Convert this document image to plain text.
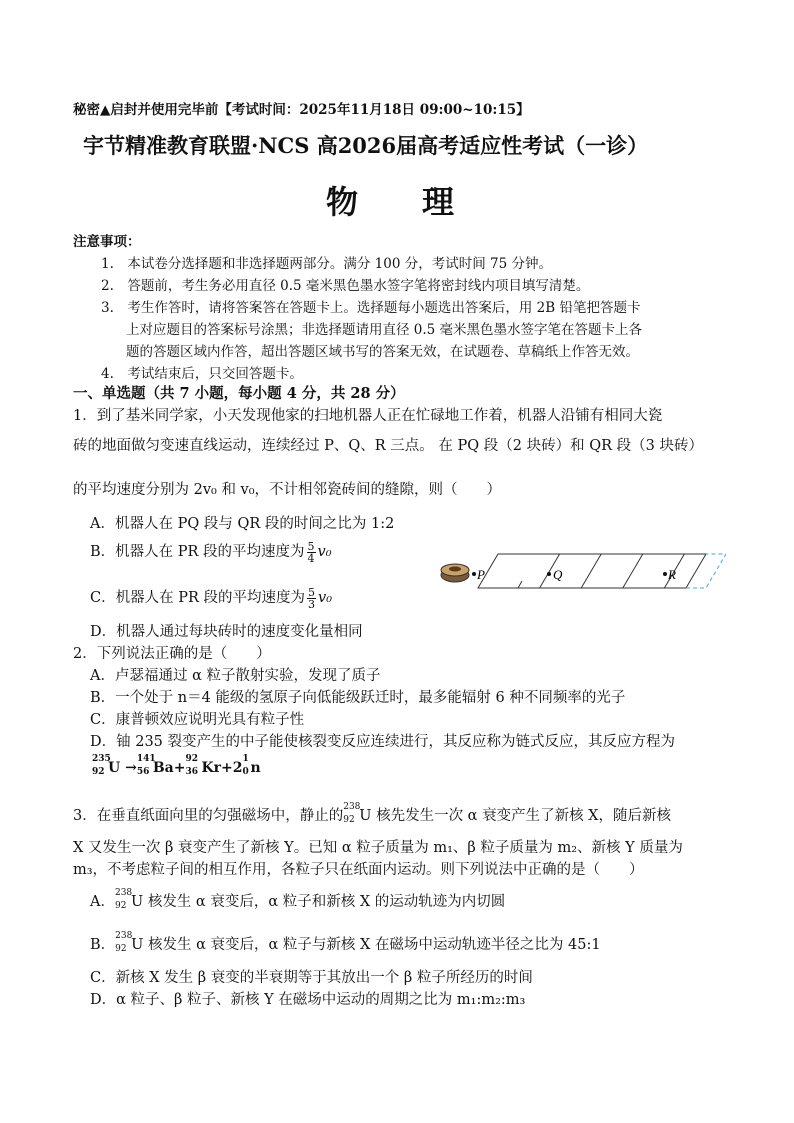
秘密▲启封并使用完毕前【考试时间：2025年11月18日 09:00~10:15】
宇节精准教育联盟·NCS 高2026届高考适应性考试（一诊）
物　　理
注意事项：
1.　本试卷分选择题和非选择题两部分。满分 100 分，考试时间 75 分钟。
2.　答题前，考生务必用直径 0.5 毫米黑色墨水签字笔将密封线内项目填写清楚。
3.　考生作答时，请将答案答在答题卡上。选择题每小题选出答案后，用 2B 铅笔把答题卡
上对应题目的答案标号涂黑；非选择题请用直径 0.5 毫米黑色墨水签字笔在答题卡上各
题的答题区域内作答，超出答题区域书写的答案无效，在试题卷、草稿纸上作答无效。
4.　考试结束后，只交回答题卡。
一、单选题（共 7 小题，每小题 4 分，共 28 分）
1．到了基米同学家，小天发现他家的扫地机器人正在忙碌地工作着，机器人沿铺有相同大瓷
砖的地面做匀变速直线运动，连续经过 P、Q、R 三点。 在 PQ 段（2 块砖）和 QR 段（3 块砖）
的平均速度分别为 2v₀ 和 v₀，不计相邻瓷砖间的缝隙，则（　　）
A．机器人在 PQ 段与 QR 段的时间之比为 1:2
B．机器人在 PR 段的平均速度为 $\frac{5}{4} v_0$
C．机器人在 PR 段的平均速度为 $\frac{5}{3} v_0$
D．机器人通过每块砖时的速度变化量相同
P	Q	R
2．下列说法正确的是（　　）
A．卢瑟福通过 α 粒子散射实验，发现了质子
B．一个处于 n＝4 能级的氢原子向低能级跃迁时，最多能辐射 6 种不同频率的光子
C．康普顿效应说明光具有粒子性
D．铀 235 裂变产生的中子能使核裂变反应连续进行，其反应称为链式反应，其反应方程为
235
92 U →
141
56 Ba+
92
36 Kr+2
1
0 n
3．在垂直纸面向里的匀强磁场中，静止的
238
92 U 核先发生一次 α 衰变产生了新核 X，随后新核
X 又发生一次 β 衰变产生了新核 Y。已知 α 粒子质量为 m₁、β 粒子质量为 m₂、新核 Y 质量为
m₃，不考虑粒子间的相互作用，各粒子只在纸面内运动。则下列说法中正确的是（　　）
A．
238
92 U 核发生 α 衰变后，α 粒子和新核 X 的运动轨迹为内切圆
B．
238
92 U 核发生 α 衰变后，α 粒子与新核 X 在磁场中运动轨迹半径之比为 45:1
C．新核 X 发生 β 衰变的半衰期等于其放出一个 β 粒子所经历的时间
D．α 粒子、β 粒子、新核 Y 在磁场中运动的周期之比为 m₁:m₂:m₃
